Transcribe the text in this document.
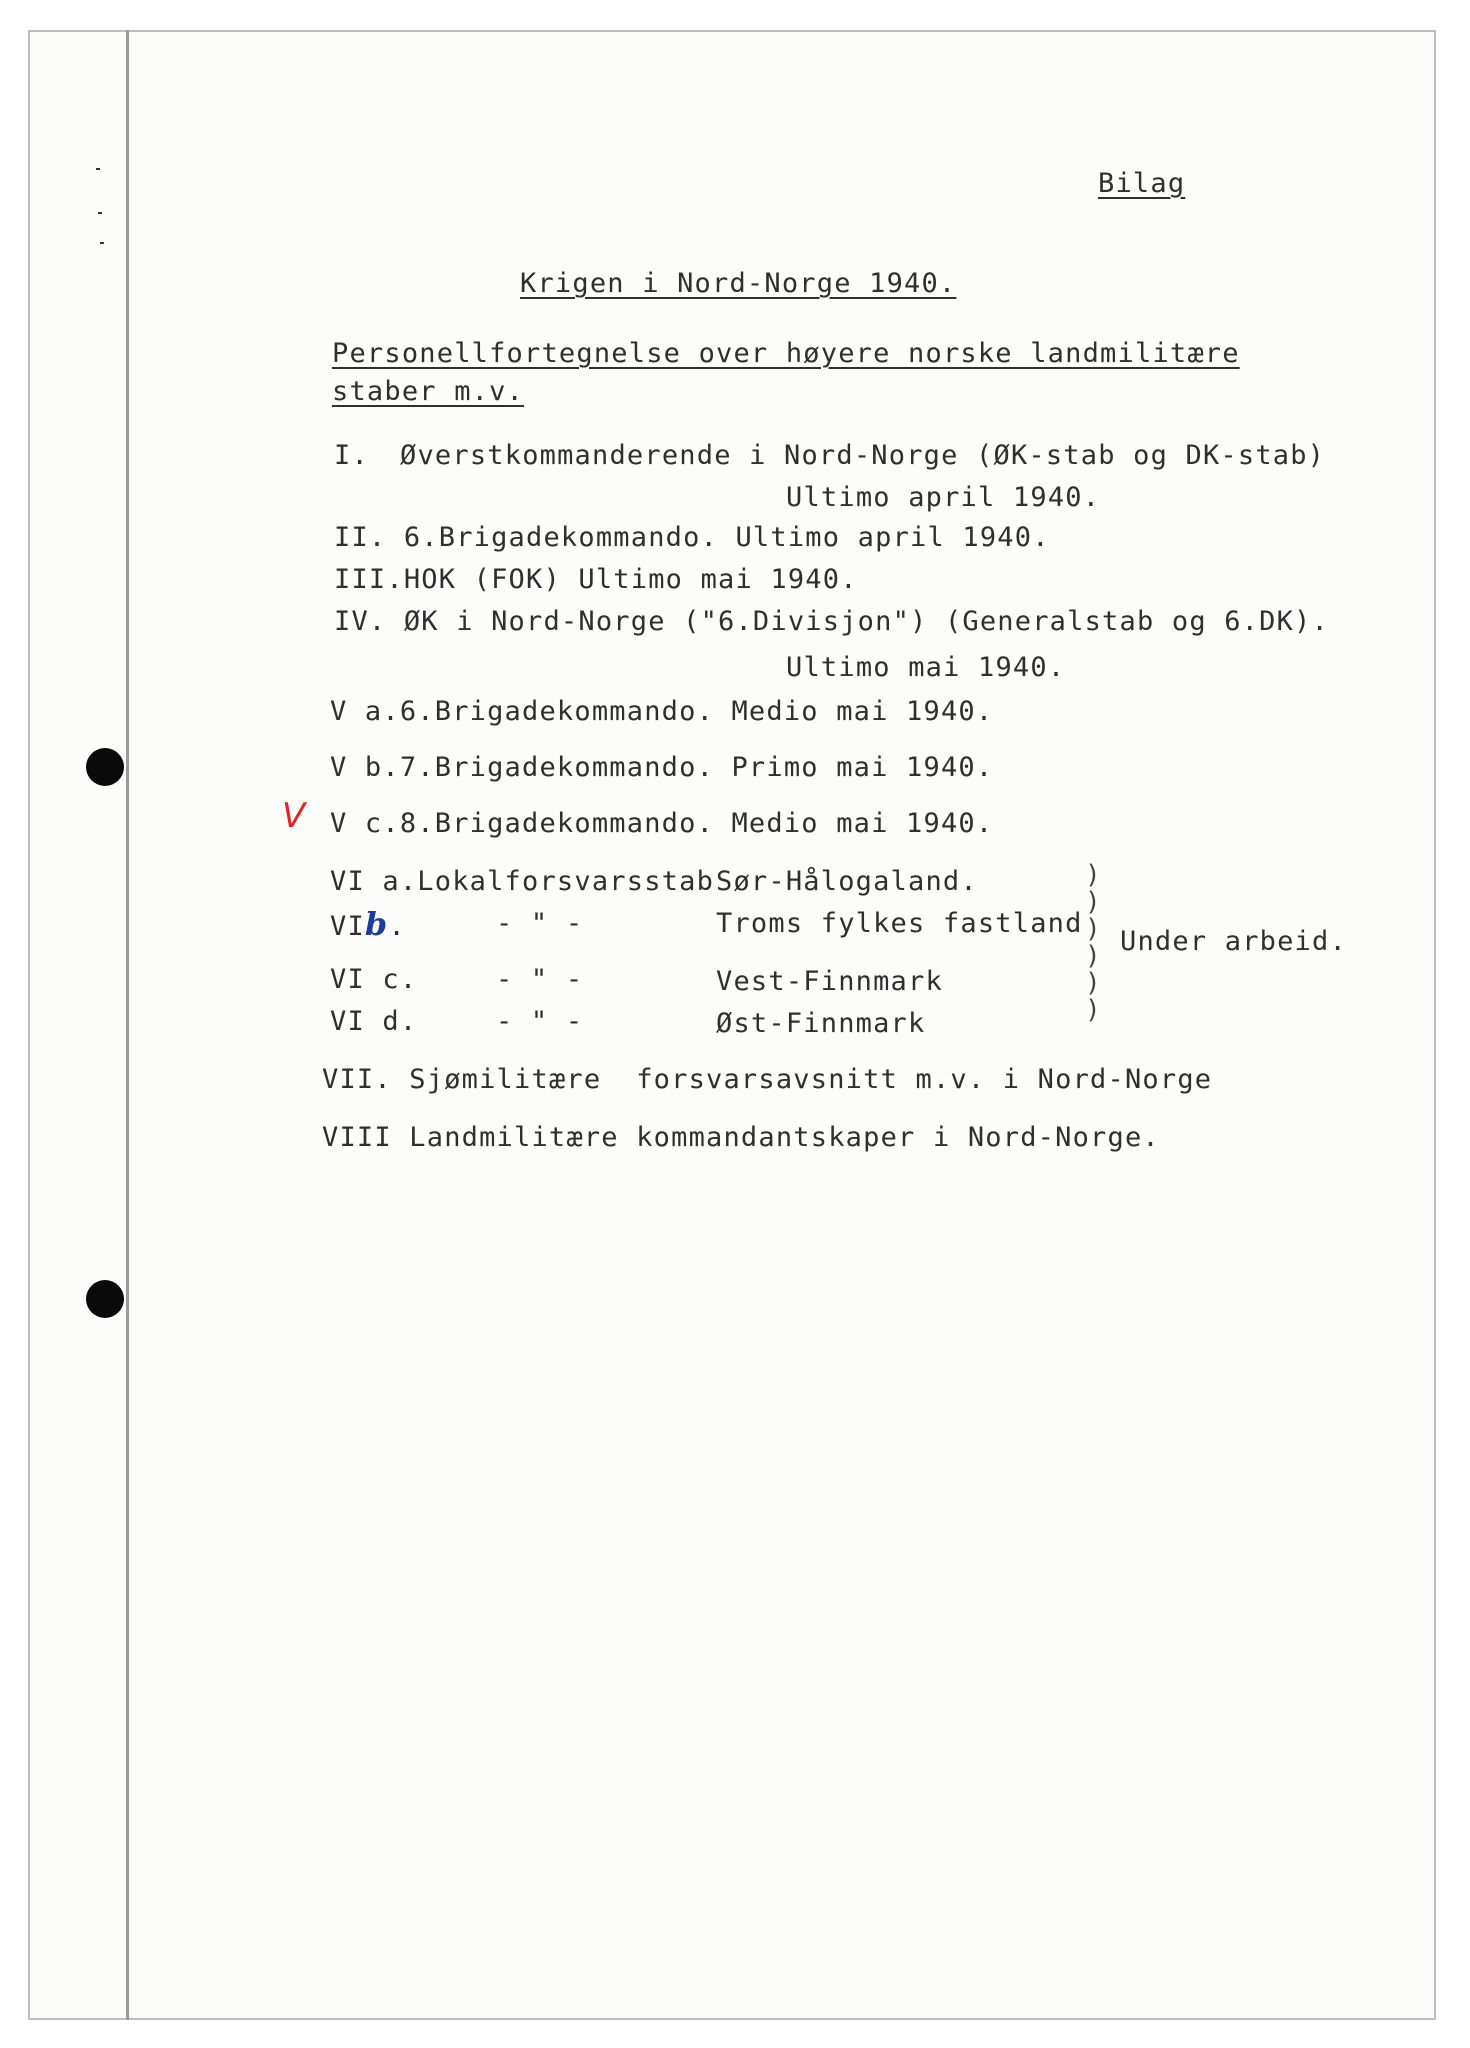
Bilag
Krigen i Nord-Norge 1940.
Personellfortegnelse over høyere norske landmilitære
staber m.v.
I. Øverstkommanderende i Nord-Norge (ØK-stab og DK-stab)
Ultimo april 1940.
II. 6.Brigadekommando. Ultimo april 1940.
III.HOK (FOK) Ultimo mai 1940.
IV. ØK i Nord-Norge ("6.Divisjon") (Generalstab og 6.DK).
Ultimo mai 1940.
V a.6.Brigadekommando. Medio mai 1940.
V b.7.Brigadekommando. Primo mai 1940.
V V c.8.Brigadekommando. Medio mai 1940.
VI a.Lokalforsvarsstab Sør-Hålogaland.
VIb.	- " -	Troms fylkes fastland
VI c.	- " -	Vest-Finnmark
VI d.	- " -	Øst-Finnmark
)
)
)
)
)
)
Under arbeid.
VII. Sjømilitære  forsvarsavsnitt m.v. i Nord-Norge
VIII Landmilitære kommandantskaper i Nord-Norge.
